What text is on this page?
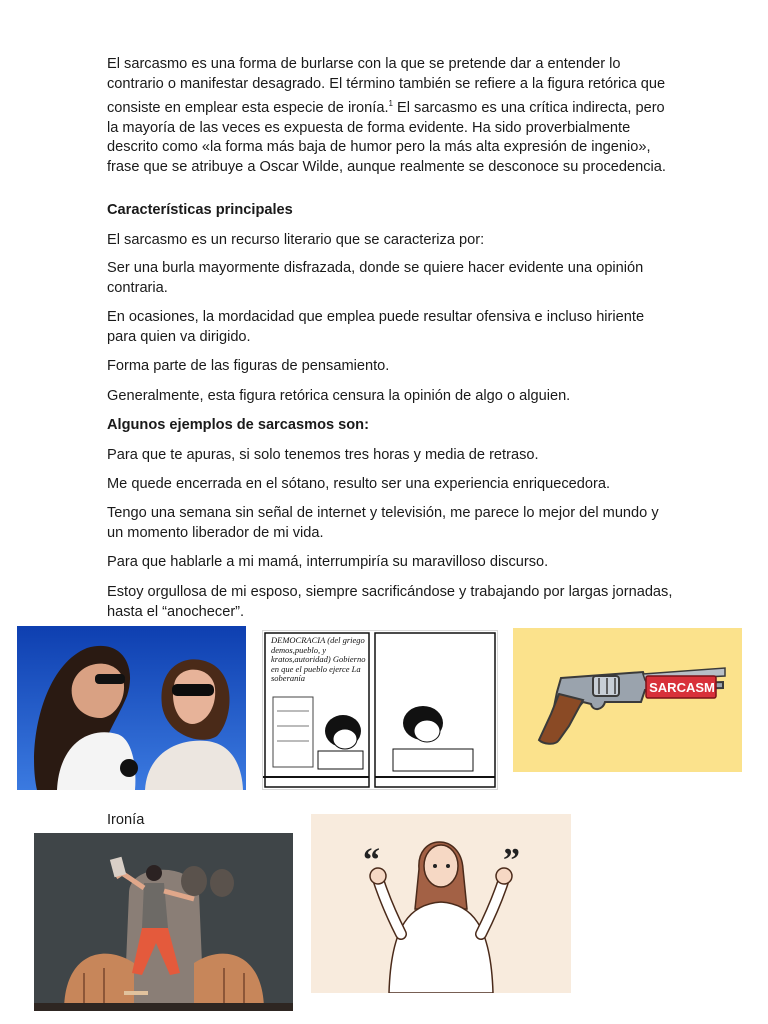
El sarcasmo es una forma de burlarse con la que se pretende dar a entender lo contrario o manifestar desagrado. El término también se refiere a la figura retórica que consiste en emplear esta especie de ironía.$^1$ El sarcasmo es una crítica indirecta, pero la mayoría de las veces es expuesta de forma evidente. Ha sido proverbialmente descrito como «la forma más baja de humor pero la más alta expresión de ingenio», frase que se atribuye a Oscar Wilde, aunque realmente se desconoce su procedencia.

Características principales

El sarcasmo es un recurso literario que se caracteriza por:

Ser una burla mayormente disfrazada, donde se quiere hacer evidente una opinión contraria.

En ocasiones, la mordacidad que emplea puede resultar ofensiva e incluso hiriente para quien va dirigido.

Forma parte de las figuras de pensamiento.

Generalmente, esta figura retórica censura la opinión de algo o alguien.

Algunos ejemplos de sarcasmos son:

Para que te apuras, si solo tenemos tres horas y media de retraso.

Me quede encerrada en el sótano, resulto ser una experiencia enriquecedora.

Tengo una semana sin señal de internet y televisión, me parece lo mejor del mundo y un momento liberador de mi vida.

Para que hablarle a mi mamá, interrumpiría su maravilloso discurso.

Estoy orgullosa de mi esposo, siempre sacrificándose y trabajando por largas jornadas, hasta el “anochecer”.

DEMOCRACIA (del griego demos,pueblo, y kratos,autoridad) Gobierno en que el pueblo ejerce La soberanía
SARCASM
Ironía
“	”
